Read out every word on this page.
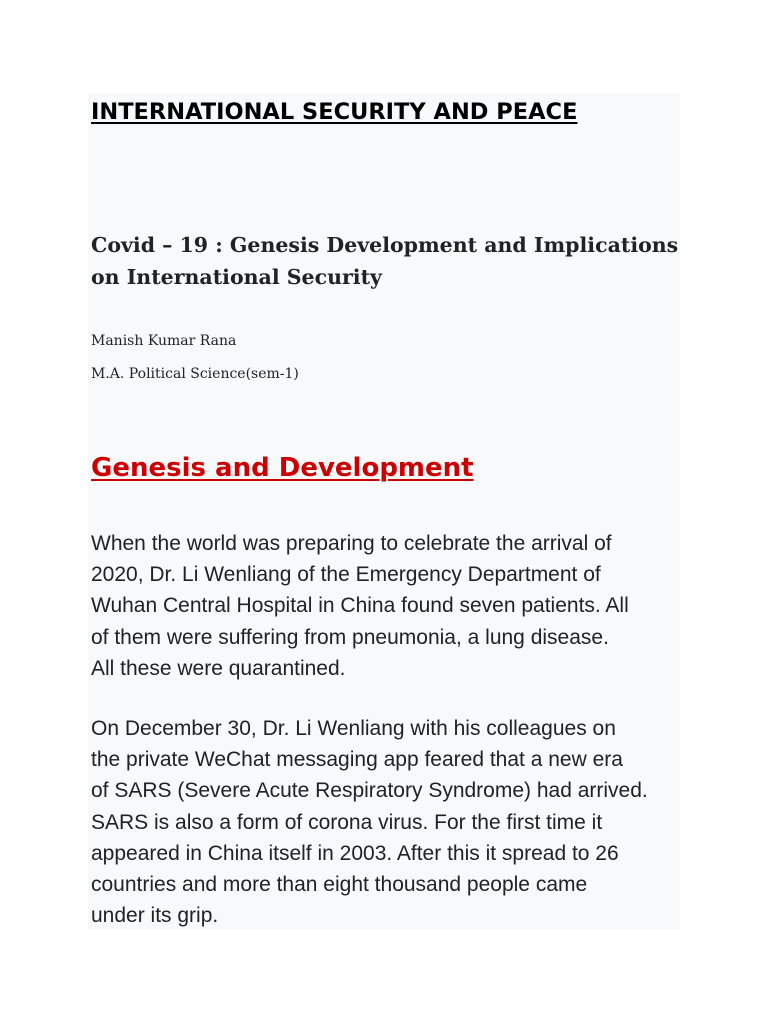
INTERNATIONAL SECURITY AND PEACE
Covid – 19 : Genesis Development and Implications on International Security

Manish Kumar Rana

M.A. Political Science(sem-1)

Genesis and Development
When the world was preparing to celebrate the arrival of
2020, Dr. Li Wenliang of the Emergency Department of
Wuhan Central Hospital in China found seven patients. All
of them were suffering from pneumonia, a lung disease.
All these were quarantined.
On December 30, Dr. Li Wenliang with his colleagues on
the private WeChat messaging app feared that a new era
of SARS (Severe Acute Respiratory Syndrome) had arrived.
SARS is also a form of corona virus. For the first time it
appeared in China itself in 2003. After this it spread to 26
countries and more than eight thousand people came
under its grip.
